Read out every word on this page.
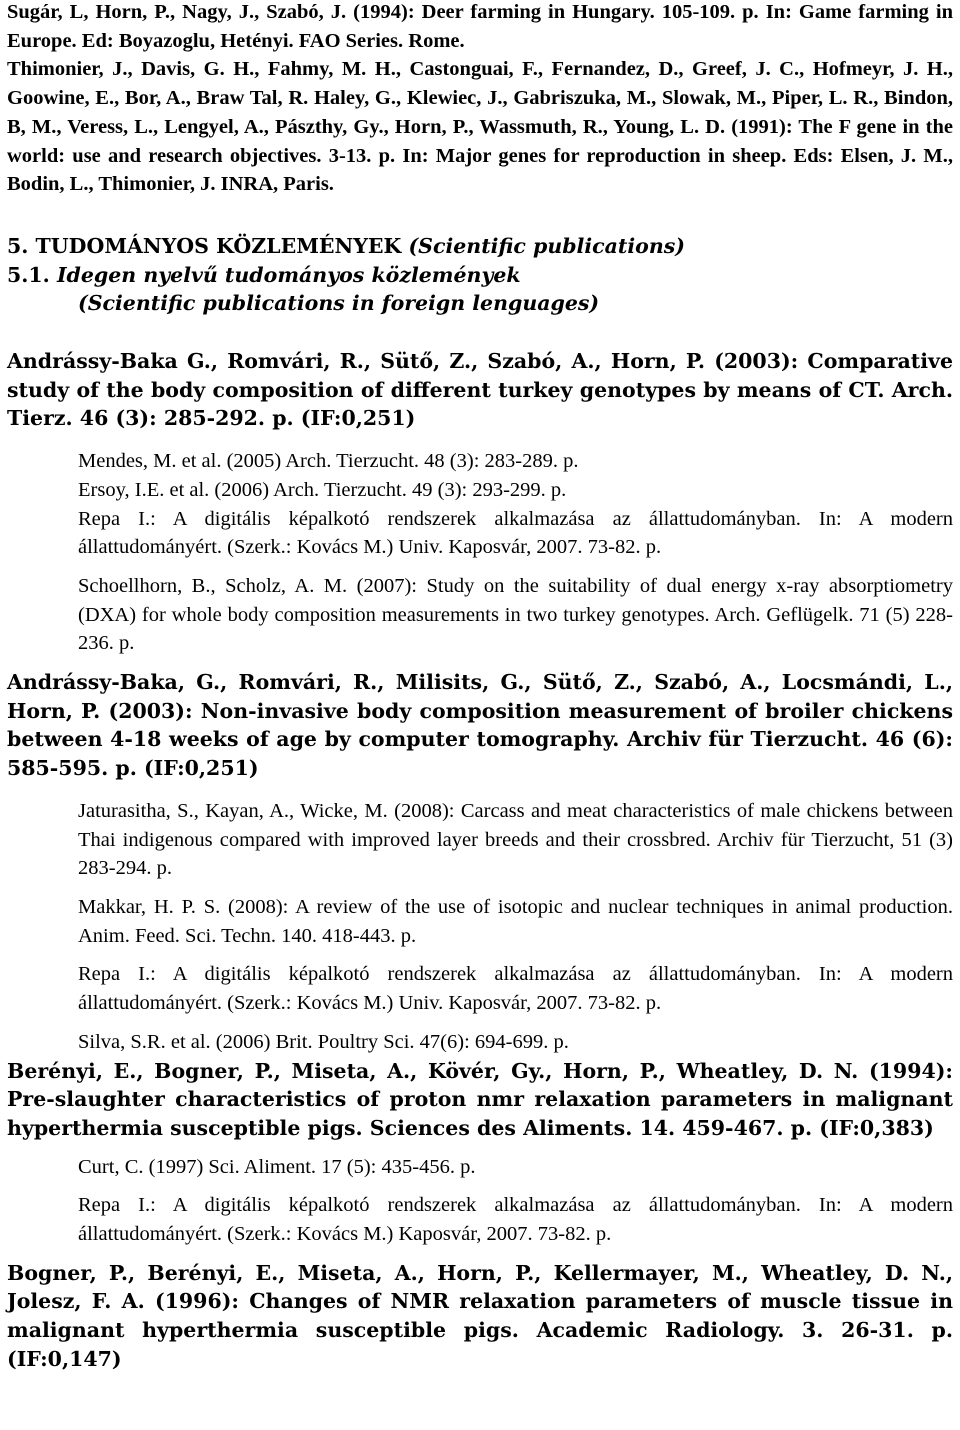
Sugár, L, Horn, P., Nagy, J., Szabó, J. (1994): Deer farming in Hungary. 105-109. p. In: Game farming in Europe. Ed: Boyazoglu, Hetényi. FAO Series. Rome.

Thimonier, J., Davis, G. H., Fahmy, M. H., Castonguai, F., Fernandez, D., Greef, J. C., Hofmeyr, J. H., Goowine, E., Bor, A., Braw Tal, R. Haley, G., Klewiec, J., Gabriszuka, M., Slowak, M., Piper, L. R., Bindon, B, M., Veress, L., Lengyel, A., Pászthy, Gy., Horn, P., Wassmuth, R., Young, L. D. (1991): The F gene in the world: use and research objectives. 3-13. p. In: Major genes for reproduction in sheep. Eds: Elsen, J. M., Bodin, L., Thimonier, J. INRA, Paris.

5. TUDOMÁNYOS KÖZLEMÉNYEK (Scientific publications)

5.1. Idegen nyelvű tudományos közlemények
(Scientific publications in foreign lenguages)

Andrássy-Baka G., Romvári, R., Sütő, Z., Szabó, A., Horn, P. (2003): Comparative study of the body composition of different turkey genotypes by means of CT. Arch. Tierz. 46 (3): 285-292. p. (IF:0,251)

Mendes, M. et al. (2005) Arch. Tierzucht. 48 (3): 283-289. p.

Ersoy, I.E. et al. (2006) Arch. Tierzucht. 49 (3): 293-299. p.

Repa I.: A digitális képalkotó rendszerek alkalmazása az állattudományban. In: A modern állattudományért. (Szerk.: Kovács M.) Univ. Kaposvár, 2007. 73-82. p.

Schoellhorn, B., Scholz, A. M. (2007): Study on the suitability of dual energy x-ray absorptiometry (DXA) for whole body composition measurements in two turkey genotypes. Arch. Geflügelk. 71 (5) 228-236. p.

Andrássy-Baka, G., Romvári, R., Milisits, G., Sütő, Z., Szabó, A., Locsmándi, L., Horn, P. (2003): Non-invasive body composition measurement of broiler chickens between 4-18 weeks of age by computer tomography. Archiv für Tierzucht. 46 (6): 585-595. p. (IF:0,251)

Jaturasitha, S., Kayan, A., Wicke, M. (2008): Carcass and meat characteristics of male chickens between Thai indigenous compared with improved layer breeds and their crossbred. Archiv für Tierzucht, 51 (3) 283-294. p.

Makkar, H. P. S. (2008): A review of the use of isotopic and nuclear techniques in animal production. Anim. Feed. Sci. Techn. 140. 418-443. p.

Repa I.: A digitális képalkotó rendszerek alkalmazása az állattudományban. In: A modern állattudományért. (Szerk.: Kovács M.) Univ. Kaposvár, 2007. 73-82. p.

Silva, S.R. et al. (2006) Brit. Poultry Sci. 47(6): 694-699. p.

Berényi, E., Bogner, P., Miseta, A., Kövér, Gy., Horn, P., Wheatley, D. N. (1994): Pre-slaughter characteristics of proton nmr relaxation parameters in malignant hyperthermia susceptible pigs. Sciences des Aliments. 14. 459-467. p. (IF:0,383)

Curt, C. (1997) Sci. Aliment. 17 (5): 435-456. p.

Repa I.: A digitális képalkotó rendszerek alkalmazása az állattudományban. In: A modern állattudományért. (Szerk.: Kovács M.) Kaposvár, 2007. 73-82. p.

Bogner, P., Berényi, E., Miseta, A., Horn, P., Kellermayer, M., Wheatley, D. N., Jolesz, F. A. (1996): Changes of NMR relaxation parameters of muscle tissue in malignant hyperthermia susceptible pigs. Academic Radiology. 3. 26-31. p. (IF:0,147)
